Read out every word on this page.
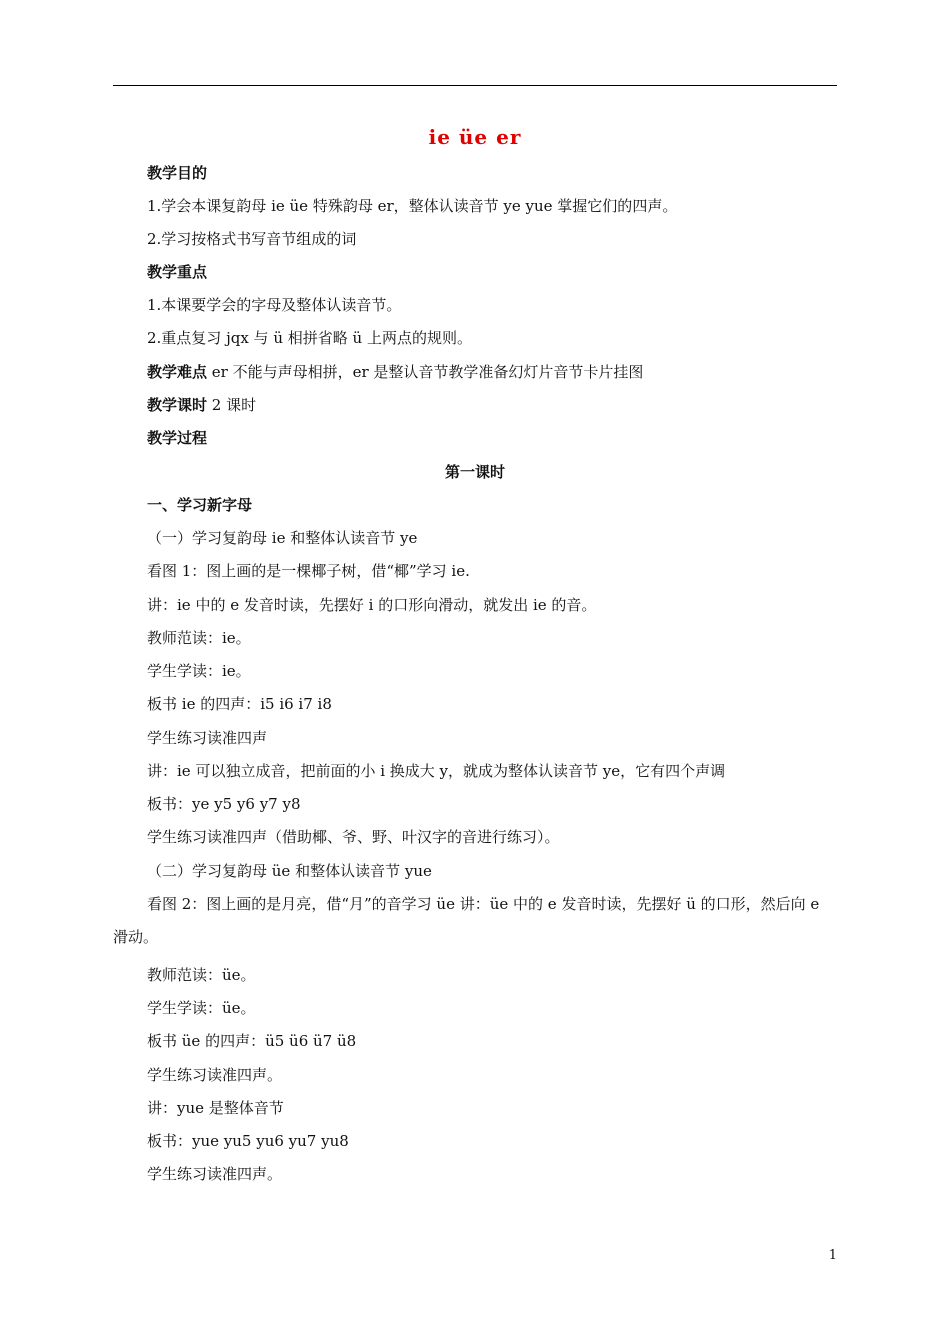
ie üe er
教学目的
1.学会本课复韵母 ie üe 特殊韵母 er，整体认读音节 ye yue 掌握它们的四声。
2.学习按格式书写音节组成的词
教学重点
1.本课要学会的字母及整体认读音节。
2.重点复习 jqx 与 ü 相拼省略 ü 上两点的规则。
教学难点 er 不能与声母相拼，er 是整认音节教学准备幻灯片音节卡片挂图
教学课时 2 课时
教学过程
第一课时
一、学习新字母
（一）学习复韵母 ie 和整体认读音节 ye
看图 1：图上画的是一棵椰子树，借“椰”学习 ie.
讲：ie 中的 e 发音时读，先摆好 i 的口形向滑动，就发出 ie 的音。
教师范读：ie。
学生学读：ie。
板书 ie 的四声：i5 i6 i7 i8
学生练习读准四声
讲：ie 可以独立成音，把前面的小 i 换成大 y，就成为整体认读音节 ye，它有四个声调
板书：ye y5 y6 y7 y8
学生练习读准四声（借助椰、爷、野、叶汉字的音进行练习）。
（二）学习复韵母 üe 和整体认读音节 yue
看图 2：图上画的是月亮，借“月”的音学习 üe 讲：üe 中的 e 发音时读，先摆好 ü 的口形，然后向 e 滑动。
教师范读：üe。
学生学读：üe。
板书 üe 的四声：ü5 ü6 ü7 ü8
学生练习读准四声。
讲：yue 是整体音节
板书：yue yu5 yu6 yu7 yu8
学生练习读准四声。
1
